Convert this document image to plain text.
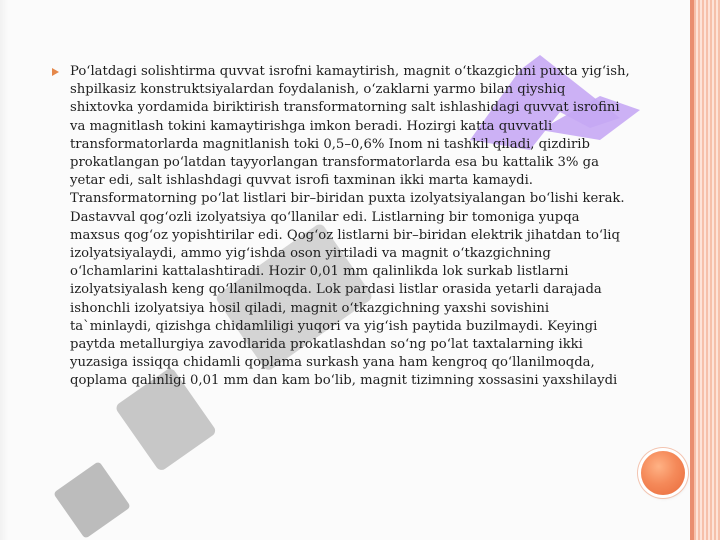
Po‘latdagi solishtirma quvvat isrofni kamaytirish, magnit o‘tkazgichni puxta yig‘ish, shpilkasiz konstruktsiyalardan foydalanish, o‘zaklarni yarmo bilan qiyshiq shixtovka yordamida biriktirish transformatorning salt ishlashidagi quvvat isrofini va magnitlash tokini kamaytirishga imkon beradi. Hozirgi katta quvvatli transformatorlarda magnitlanish toki 0,5–0,6% Inom ni tashkil qiladi, qizdirib prokatlangan po‘latdan tayyorlangan transformatorlarda esa bu kattalik 3% ga yetar edi, salt ishlashdagi quvvat isrofi taxminan ikki marta kamaydi. Transformatorning po‘lat listlari bir–biridan puxta izolyatsiyalangan bo‘lishi kerak. Dastavval qog‘ozli izolyatsiya qo‘llanilar edi. Listlarning bir tomoniga yupqa maxsus qog‘oz yopishtirilar edi. Qog‘oz listlarni bir–biridan elektrik jihatdan to‘liq izolyatsiyalaydi, ammo yig‘ishda oson yirtiladi va magnit o‘tkazgichning o‘lchamlarini kattalashtiradi. Hozir 0,01 mm qalinlikda lok surkab listlarni izolyatsiyalash keng qo‘llanilmoqda. Lok pardasi listlar orasida yetarli darajada ishonchli izolyatsiya hosil qiladi, magnit o‘tkazgichning yaxshi sovishini ta`minlaydi, qizishga chidamliligi yuqori va yig‘ish paytida buzilmaydi. Keyingi paytda metallurgiya zavodlarida prokatlashdan so‘ng po‘lat taxtalarning ikki yuzasiga issiqqa chidamli qoplama surkash yana ham kengroq qo‘llanilmoqda, qoplama qalinligi 0,01 mm dan kam bo‘lib, magnit tizimning xossasini yaxshilaydi
